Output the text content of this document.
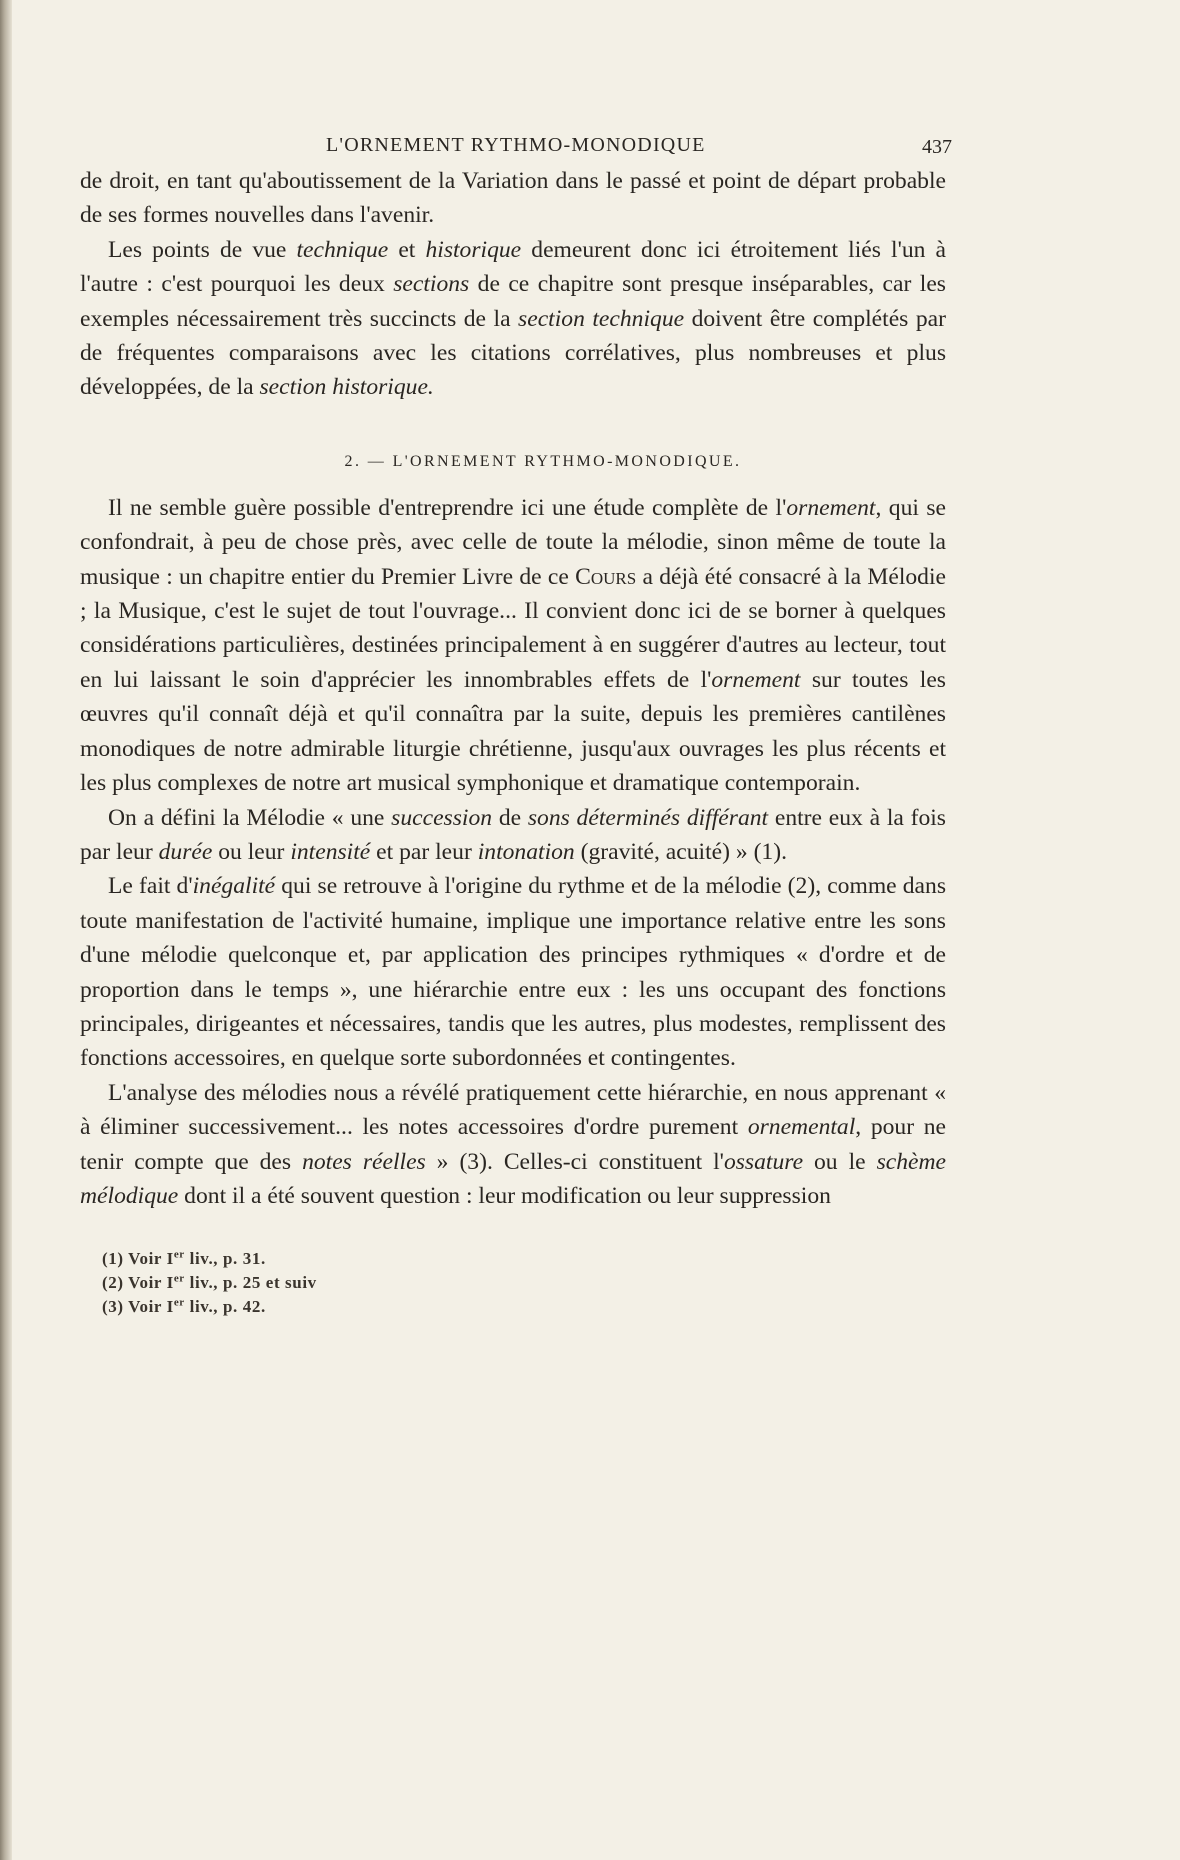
L'ORNEMENT RYTHMO-MONODIQUE	437

de droit, en tant qu'aboutissement de la Variation dans le passé et point de départ probable de ses formes nouvelles dans l'avenir.

Les points de vue technique et historique demeurent donc ici étroitement liés l'un à l'autre : c'est pourquoi les deux sections de ce chapitre sont presque inséparables, car les exemples nécessairement très succincts de la section technique doivent être complétés par de fréquentes comparaisons avec les citations corrélatives, plus nombreuses et plus développées, de la section historique.

2. — L'ORNEMENT RYTHMO-MONODIQUE.

Il ne semble guère possible d'entreprendre ici une étude complète de l'ornement, qui se confondrait, à peu de chose près, avec celle de toute la mélodie, sinon même de toute la musique : un chapitre entier du Premier Livre de ce Cours a déjà été consacré à la Mélodie ; la Musique, c'est le sujet de tout l'ouvrage... Il convient donc ici de se borner à quelques considérations particulières, destinées principalement à en suggérer d'autres au lecteur, tout en lui laissant le soin d'apprécier les innombrables effets de l'ornement sur toutes les œuvres qu'il connaît déjà et qu'il connaîtra par la suite, depuis les premières cantilènes monodiques de notre admirable liturgie chrétienne, jusqu'aux ouvrages les plus récents et les plus complexes de notre art musical symphonique et dramatique contemporain.

On a défini la Mélodie « une succession de sons déterminés différant entre eux à la fois par leur durée ou leur intensité et par leur intonation (gravité, acuité) » (1).

Le fait d'inégalité qui se retrouve à l'origine du rythme et de la mélodie (2), comme dans toute manifestation de l'activité humaine, implique une importance relative entre les sons d'une mélodie quelconque et, par application des principes rythmiques « d'ordre et de proportion dans le temps », une hiérarchie entre eux : les uns occupant des fonctions principales, dirigeantes et nécessaires, tandis que les autres, plus modestes, remplissent des fonctions accessoires, en quelque sorte subordonnées et contingentes.

L'analyse des mélodies nous a révélé pratiquement cette hiérarchie, en nous apprenant « à éliminer successivement... les notes accessoires d'ordre purement ornemental, pour ne tenir compte que des notes réelles » (3). Celles-ci constituent l'ossature ou le schème mélodique dont il a été souvent question : leur modification ou leur suppression

(1) Voir Ier liv., p. 31.
(2) Voir Ier liv., p. 25 et suiv
(3) Voir Ier liv., p. 42.
